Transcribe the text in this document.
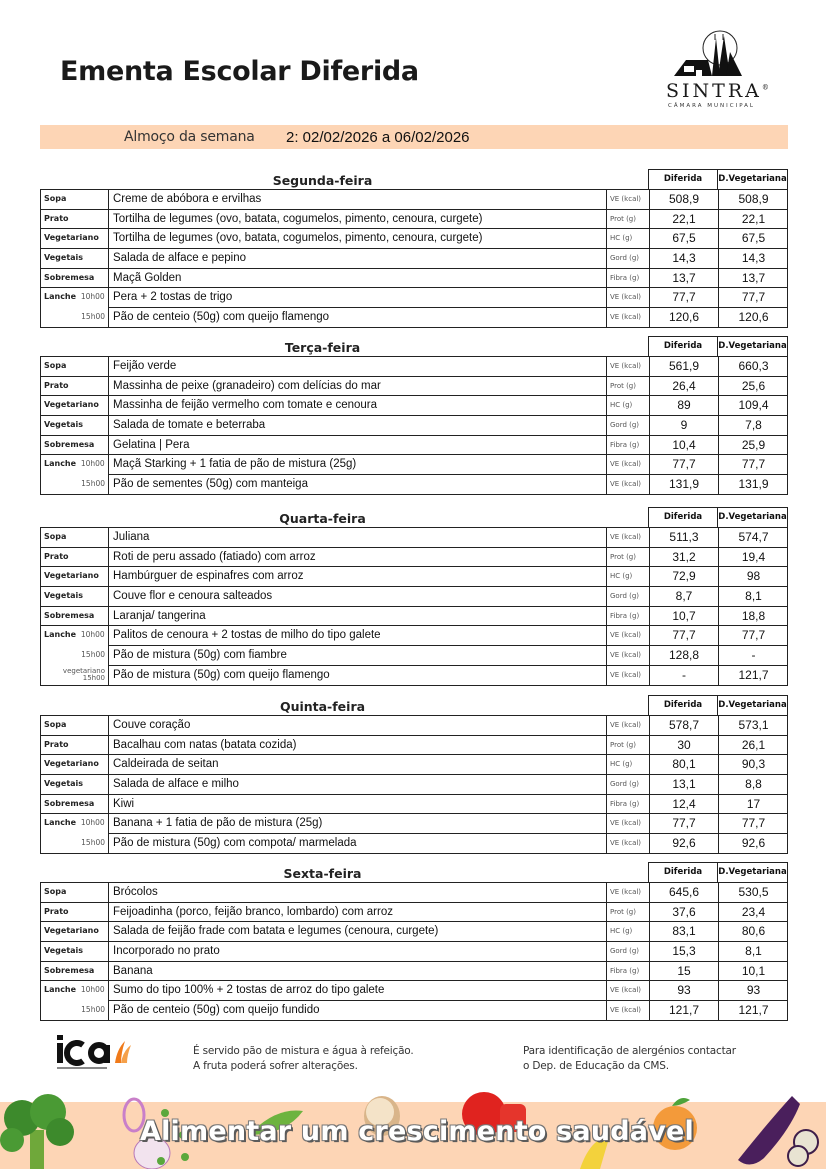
Ementa Escolar Diferida
SINTRA®
CÂMARA MUNICIPAL
Almoço da semana 2: 02/02/2026 a 06/02/2026
Segunda-feira	Diferida	D.Vegetariana
Sopa	Creme de abóbora e ervilhas	VE (kcal)	508,9	508,9
Prato	Tortilha de legumes (ovo, batata, cogumelos, pimento, cenoura, curgete)	Prot (g)	22,1	22,1
Vegetariano	Tortilha de legumes (ovo, batata, cogumelos, pimento, cenoura, curgete)	HC (g)	67,5	67,5
Vegetais	Salada de alface e pepino	Gord (g)	14,3	14,3
Sobremesa	Maçã Golden	Fibra (g)	13,7	13,7
Lanche 10h00 Pera + 2 tostas de trigo	VE (kcal)	77,7	77,7
15h00 Pão de centeio (50g) com queijo flamengo	VE (kcal)	120,6	120,6
Terça-feira	Diferida	D.Vegetariana
Sopa	Feijão verde	VE (kcal)	561,9	660,3
Prato	Massinha de peixe (granadeiro) com delícias do mar	Prot (g)	26,4	25,6
Vegetariano	Massinha de feijão vermelho com tomate e cenoura	HC (g)	89	109,4
Vegetais	Salada de tomate e beterraba	Gord (g)	9	7,8
Sobremesa	Gelatina | Pera	Fibra (g)	10,4	25,9
Lanche 10h00 Maçã Starking + 1 fatia de pão de mistura (25g)	VE (kcal)	77,7	77,7
15h00 Pão de sementes (50g) com manteiga	VE (kcal)	131,9	131,9
Quarta-feira	Diferida	D.Vegetariana
Sopa	Juliana	VE (kcal)	511,3	574,7
Prato	Roti de peru assado (fatiado) com arroz	Prot (g)	31,2	19,4
Vegetariano	Hambúrguer de espinafres com arroz	HC (g)	72,9	98
Vegetais	Couve flor e cenoura salteados	Gord (g)	8,7	8,1
Sobremesa	Laranja/ tangerina	Fibra (g)	10,7	18,8
Lanche 10h00 Palitos de cenoura + 2 tostas de milho do tipo galete	VE (kcal)	77,7	77,7
15h00 Pão de mistura (50g) com fiambre	VE (kcal)	128,8	-
vegetariano
15h00 Pão de mistura (50g) com queijo flamengo	VE (kcal)	-	121,7
Quinta-feira	Diferida	D.Vegetariana
Sopa	Couve coração	VE (kcal)	578,7	573,1
Prato	Bacalhau com natas (batata cozida)	Prot (g)	30	26,1
Vegetariano	Caldeirada de seitan	HC (g)	80,1	90,3
Vegetais	Salada de alface e milho	Gord (g)	13,1	8,8
Sobremesa	Kiwi	Fibra (g)	12,4	17
Lanche 10h00 Banana + 1 fatia de pão de mistura (25g)	VE (kcal)	77,7	77,7
15h00 Pão de mistura (50g) com compota/ marmelada	VE (kcal)	92,6	92,6
Sexta-feira	Diferida	D.Vegetariana
Sopa	Brócolos	VE (kcal)	645,6	530,5
Prato	Feijoadinha (porco, feijão branco, lombardo) com arroz	Prot (g)	37,6	23,4
Vegetariano	Salada de feijão frade com batata e legumes (cenoura, curgete)	HC (g)	83,1	80,6
Vegetais	Incorporado no prato	Gord (g)	15,3	8,1
Sobremesa	Banana	Fibra (g)	15	10,1
Lanche 10h00 Sumo do tipo 100% + 2 tostas de arroz do tipo galete	VE (kcal)	93	93
15h00 Pão de centeio (50g) com queijo fundido	VE (kcal)	121,7	121,7
É servido pão de mistura e água à refeição.
A fruta poderá sofrer alterações.
Para identificação de alergénios contactar
o Dep. de Educação da CMS.
Alimentar um crescimento saudável
